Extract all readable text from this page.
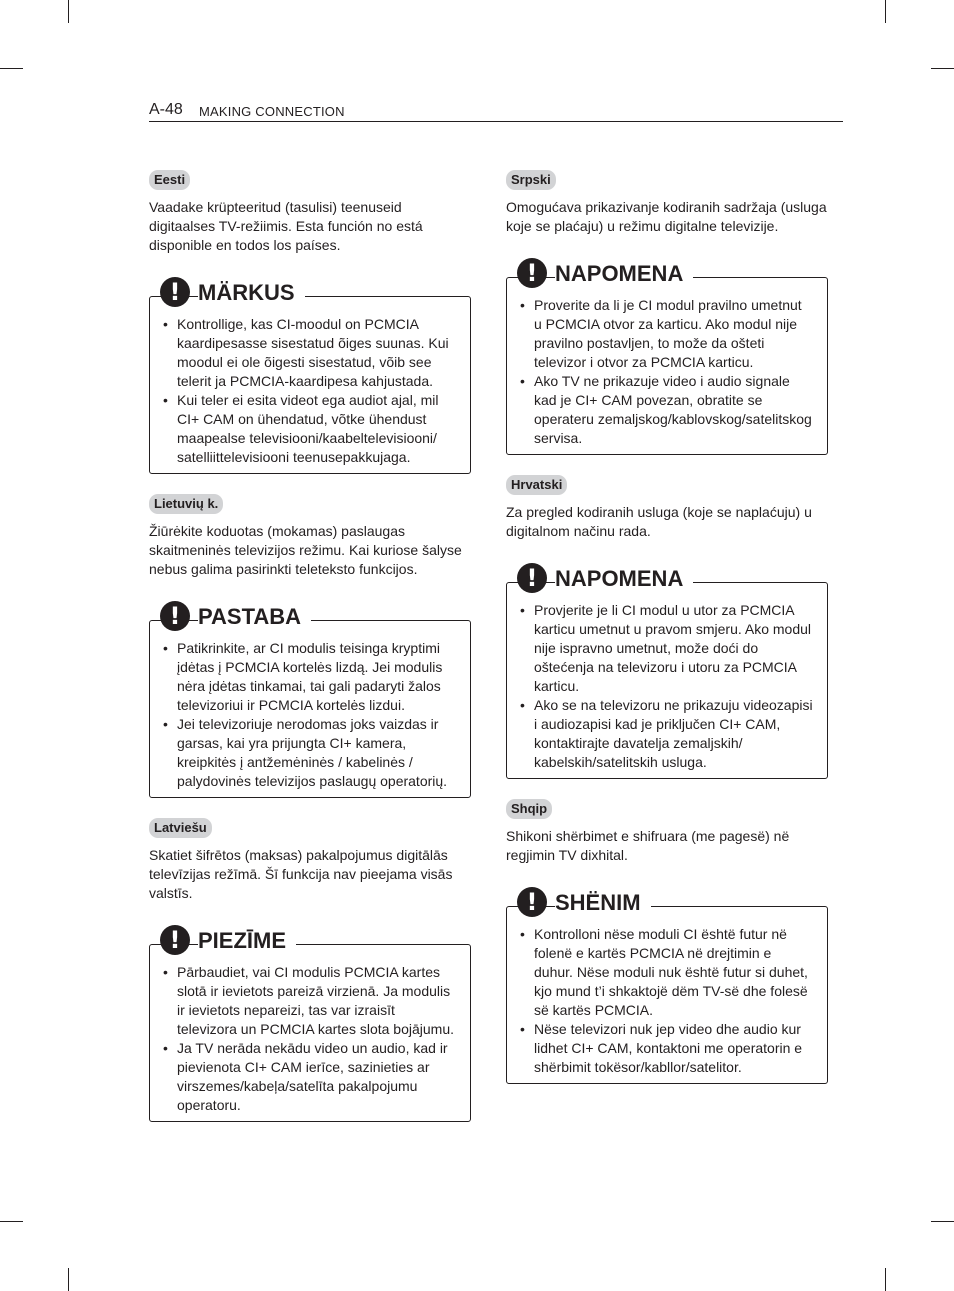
A-48 MAKING CONNECTION
Eesti

Vaadake krüpteeritud (tasulisi) teenuseid digitaalses TV-režiimis. Esta función no está disponible en todos los países.

! MÄRKUS
• Kontrollige, kas CI-moodul on PCMCIA kaardipesasse sisestatud õiges suunas. Kui moodul ei ole õigesti sisestatud, võib see telerit ja PCMCIA-kaardipesa kahjustada.
• Kui teler ei esita videot ega audiot ajal, mil CI+ CAM on ühendatud, võtke ühendust maapealse televisiooni/kaabeltelevisiooni/ satelliittelevisiooni teenusepakkujaga.
Lietuvių k.

Žiūrėkite koduotas (mokamas) paslaugas skaitmeninės televizijos režimu. Kai kuriose šalyse nebus galima pasirinkti teleteksto funkcijos.

! PASTABA
• Patikrinkite, ar CI modulis teisinga kryptimi įdėtas į PCMCIA kortelės lizdą. Jei modulis nėra įdėtas tinkamai, tai gali padaryti žalos televizoriui ir PCMCIA kortelės lizdui.
• Jei televizoriuje nerodomas joks vaizdas ir garsas, kai yra prijungta CI+ kamera, kreipkitės į antžemėninės / kabelinės / palydovinės televizijos paslaugų operatorių.
Latviešu

Skatiet šifrētos (maksas) pakalpojumus digitālās televīzijas režīmā. Šī funkcija nav pieejama visās valstīs.

! PIEZĪME
• Pārbaudiet, vai CI modulis PCMCIA kartes slotā ir ievietots pareizā virzienā. Ja modulis ir ievietots nepareizi, tas var izraisīt televizora un PCMCIA kartes slota bojājumu.
• Ja TV nerāda nekādu video un audio, kad ir pievienota CI+ CAM ierīce, sazinieties ar virszemes/kabeļa/satelīta pakalpojumu operatoru.
Srpski

Omogućava prikazivanje kodiranih sadržaja (usluga koje se plaćaju) u režimu digitalne televizije.

! NAPOMENA
• Proverite da li je CI modul pravilno umetnut u PCMCIA otvor za karticu. Ako modul nije pravilno postavljen, to može da ošteti televizor i otvor za PCMCIA karticu.
• Ako TV ne prikazuje video i audio signale kad je CI+ CAM povezan, obratite se operateru zemaljskog/kablovskog/satelitskog servisa.
Hrvatski

Za pregled kodiranih usluga (koje se naplaćuju) u digitalnom načinu rada.

! NAPOMENA
• Provjerite je li CI modul u utor za PCMCIA karticu umetnut u pravom smjeru. Ako modul nije ispravno umetnut, može doći do oštećenja na televizoru i utoru za PCMCIA karticu.
• Ako se na televizoru ne prikazuju videozapisi i audiozapisi kad je priključen CI+ CAM, kontaktirajte davatelja zemaljskih/ kabelskih/satelitskih usluga.
Shqip

Shikoni shërbimet e shifruara (me pagesë) në regjimin TV dixhital.

! SHËNIM
• Kontrolloni nëse moduli CI është futur në folenë e kartës PCMCIA në drejtimin e duhur. Nëse moduli nuk është futur si duhet, kjo mund t’i shkaktojë dëm TV-së dhe folesë së kartës PCMCIA.
• Nëse televizori nuk jep video dhe audio kur lidhet CI+ CAM, kontaktoni me operatorin e shërbimit tokësor/kabllor/satelitor.
